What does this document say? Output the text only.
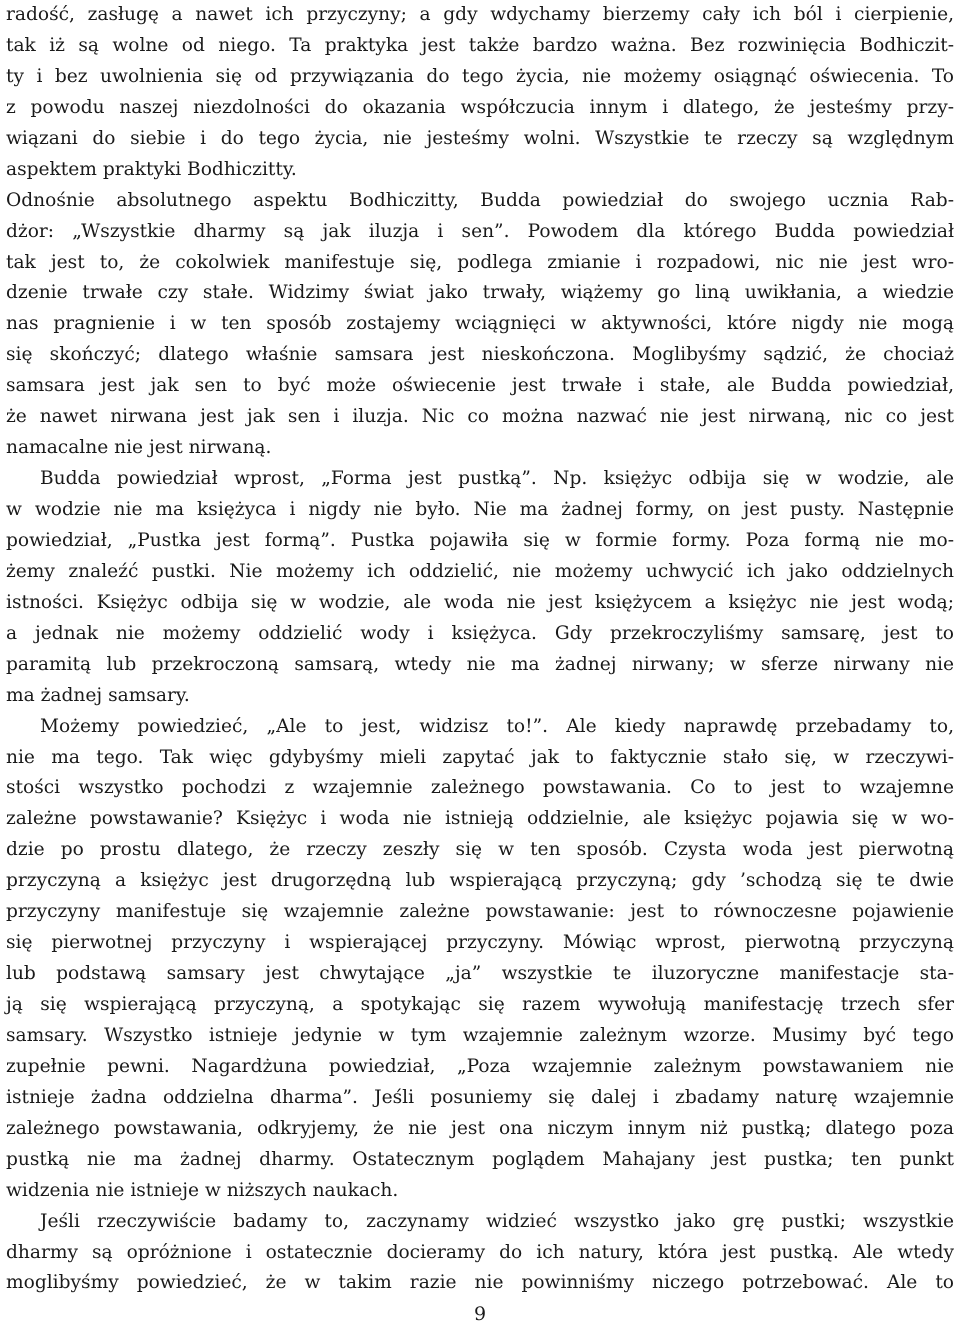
radość, zasługę a nawet ich przyczyny; a gdy wdychamy bierzemy cały ich ból i cierpienie,
tak iż są wolne od niego. Ta praktyka jest także bardzo ważna. Bez rozwinięcia Bodhiczit-
ty i bez uwolnienia się od przywiązania do tego życia, nie możemy osiągnąć oświecenia. To
z powodu naszej niezdolności do okazania współczucia innym i dlatego, że jesteśmy przy-
wiązani do siebie i do tego życia, nie jesteśmy wolni. Wszystkie te rzeczy są względnym
aspektem praktyki Bodhiczitty.
Odnośnie absolutnego aspektu Bodhiczitty, Budda powiedział do swojego ucznia Rab-
dżor: „Wszystkie dharmy są jak iluzja i sen”. Powodem dla którego Budda powiedział
tak jest to, że cokolwiek manifestuje się, podlega zmianie i rozpadowi, nic nie jest wro-
dzenie trwałe czy stałe. Widzimy świat jako trwały, wiążemy go liną uwikłania, a wiedzie
nas pragnienie i w ten sposób zostajemy wciągnięci w aktywności, które nigdy nie mogą
się skończyć; dlatego właśnie samsara jest nieskończona. Moglibyśmy sądzić, że chociaż
samsara jest jak sen to być może oświecenie jest trwałe i stałe, ale Budda powiedział,
że nawet nirwana jest jak sen i iluzja. Nic co można nazwać nie jest nirwaną, nic co jest
namacalne nie jest nirwaną.
Budda powiedział wprost, „Forma jest pustką”. Np. księżyc odbija się w wodzie, ale
w wodzie nie ma księżyca i nigdy nie było. Nie ma żadnej formy, on jest pusty. Następnie
powiedział, „Pustka jest formą”. Pustka pojawiła się w formie formy. Poza formą nie mo-
żemy znaleźć pustki. Nie możemy ich oddzielić, nie możemy uchwycić ich jako oddzielnych
istności. Księżyc odbija się w wodzie, ale woda nie jest księżycem a księżyc nie jest wodą;
a jednak nie możemy oddzielić wody i księżyca. Gdy przekroczyliśmy samsarę, jest to
paramitą lub przekroczoną samsarą, wtedy nie ma żadnej nirwany; w sferze nirwany nie
ma żadnej samsary.
Możemy powiedzieć, „Ale to jest, widzisz to!”. Ale kiedy naprawdę przebadamy to,
nie ma tego. Tak więc gdybyśmy mieli zapytać jak to faktycznie stało się, w rzeczywi-
stości wszystko pochodzi z wzajemnie zależnego powstawania. Co to jest to wzajemne
zależne powstawanie? Księżyc i woda nie istnieją oddzielnie, ale księżyc pojawia się w wo-
dzie po prostu dlatego, że rzeczy zeszły się w ten sposób. Czysta woda jest pierwotną
przyczyną a księżyc jest drugorzędną lub wspierającą przyczyną; gdy ’schodzą się te dwie
przyczyny manifestuje się wzajemnie zależne powstawanie: jest to równoczesne pojawienie
się pierwotnej przyczyny i wspierającej przyczyny. Mówiąc wprost, pierwotną przyczyną
lub podstawą samsary jest chwytające „ja” wszystkie te iluzoryczne manifestacje sta-
ją się wspierającą przyczyną, a spotykając się razem wywołują manifestację trzech sfer
samsary. Wszystko istnieje jedynie w tym wzajemnie zależnym wzorze. Musimy być tego
zupełnie pewni. Nagardżuna powiedział, „Poza wzajemnie zależnym powstawaniem nie
istnieje żadna oddzielna dharma”. Jeśli posuniemy się dalej i zbadamy naturę wzajemnie
zależnego powstawania, odkryjemy, że nie jest ona niczym innym niż pustką; dlatego poza
pustką nie ma żadnej dharmy. Ostatecznym poglądem Mahajany jest pustka; ten punkt
widzenia nie istnieje w niższych naukach.
Jeśli rzeczywiście badamy to, zaczynamy widzieć wszystko jako grę pustki; wszystkie
dharmy są opróżnione i ostatecznie docieramy do ich natury, która jest pustką. Ale wtedy
moglibyśmy powiedzieć, że w takim razie nie powinniśmy niczego potrzebować. Ale to
9
